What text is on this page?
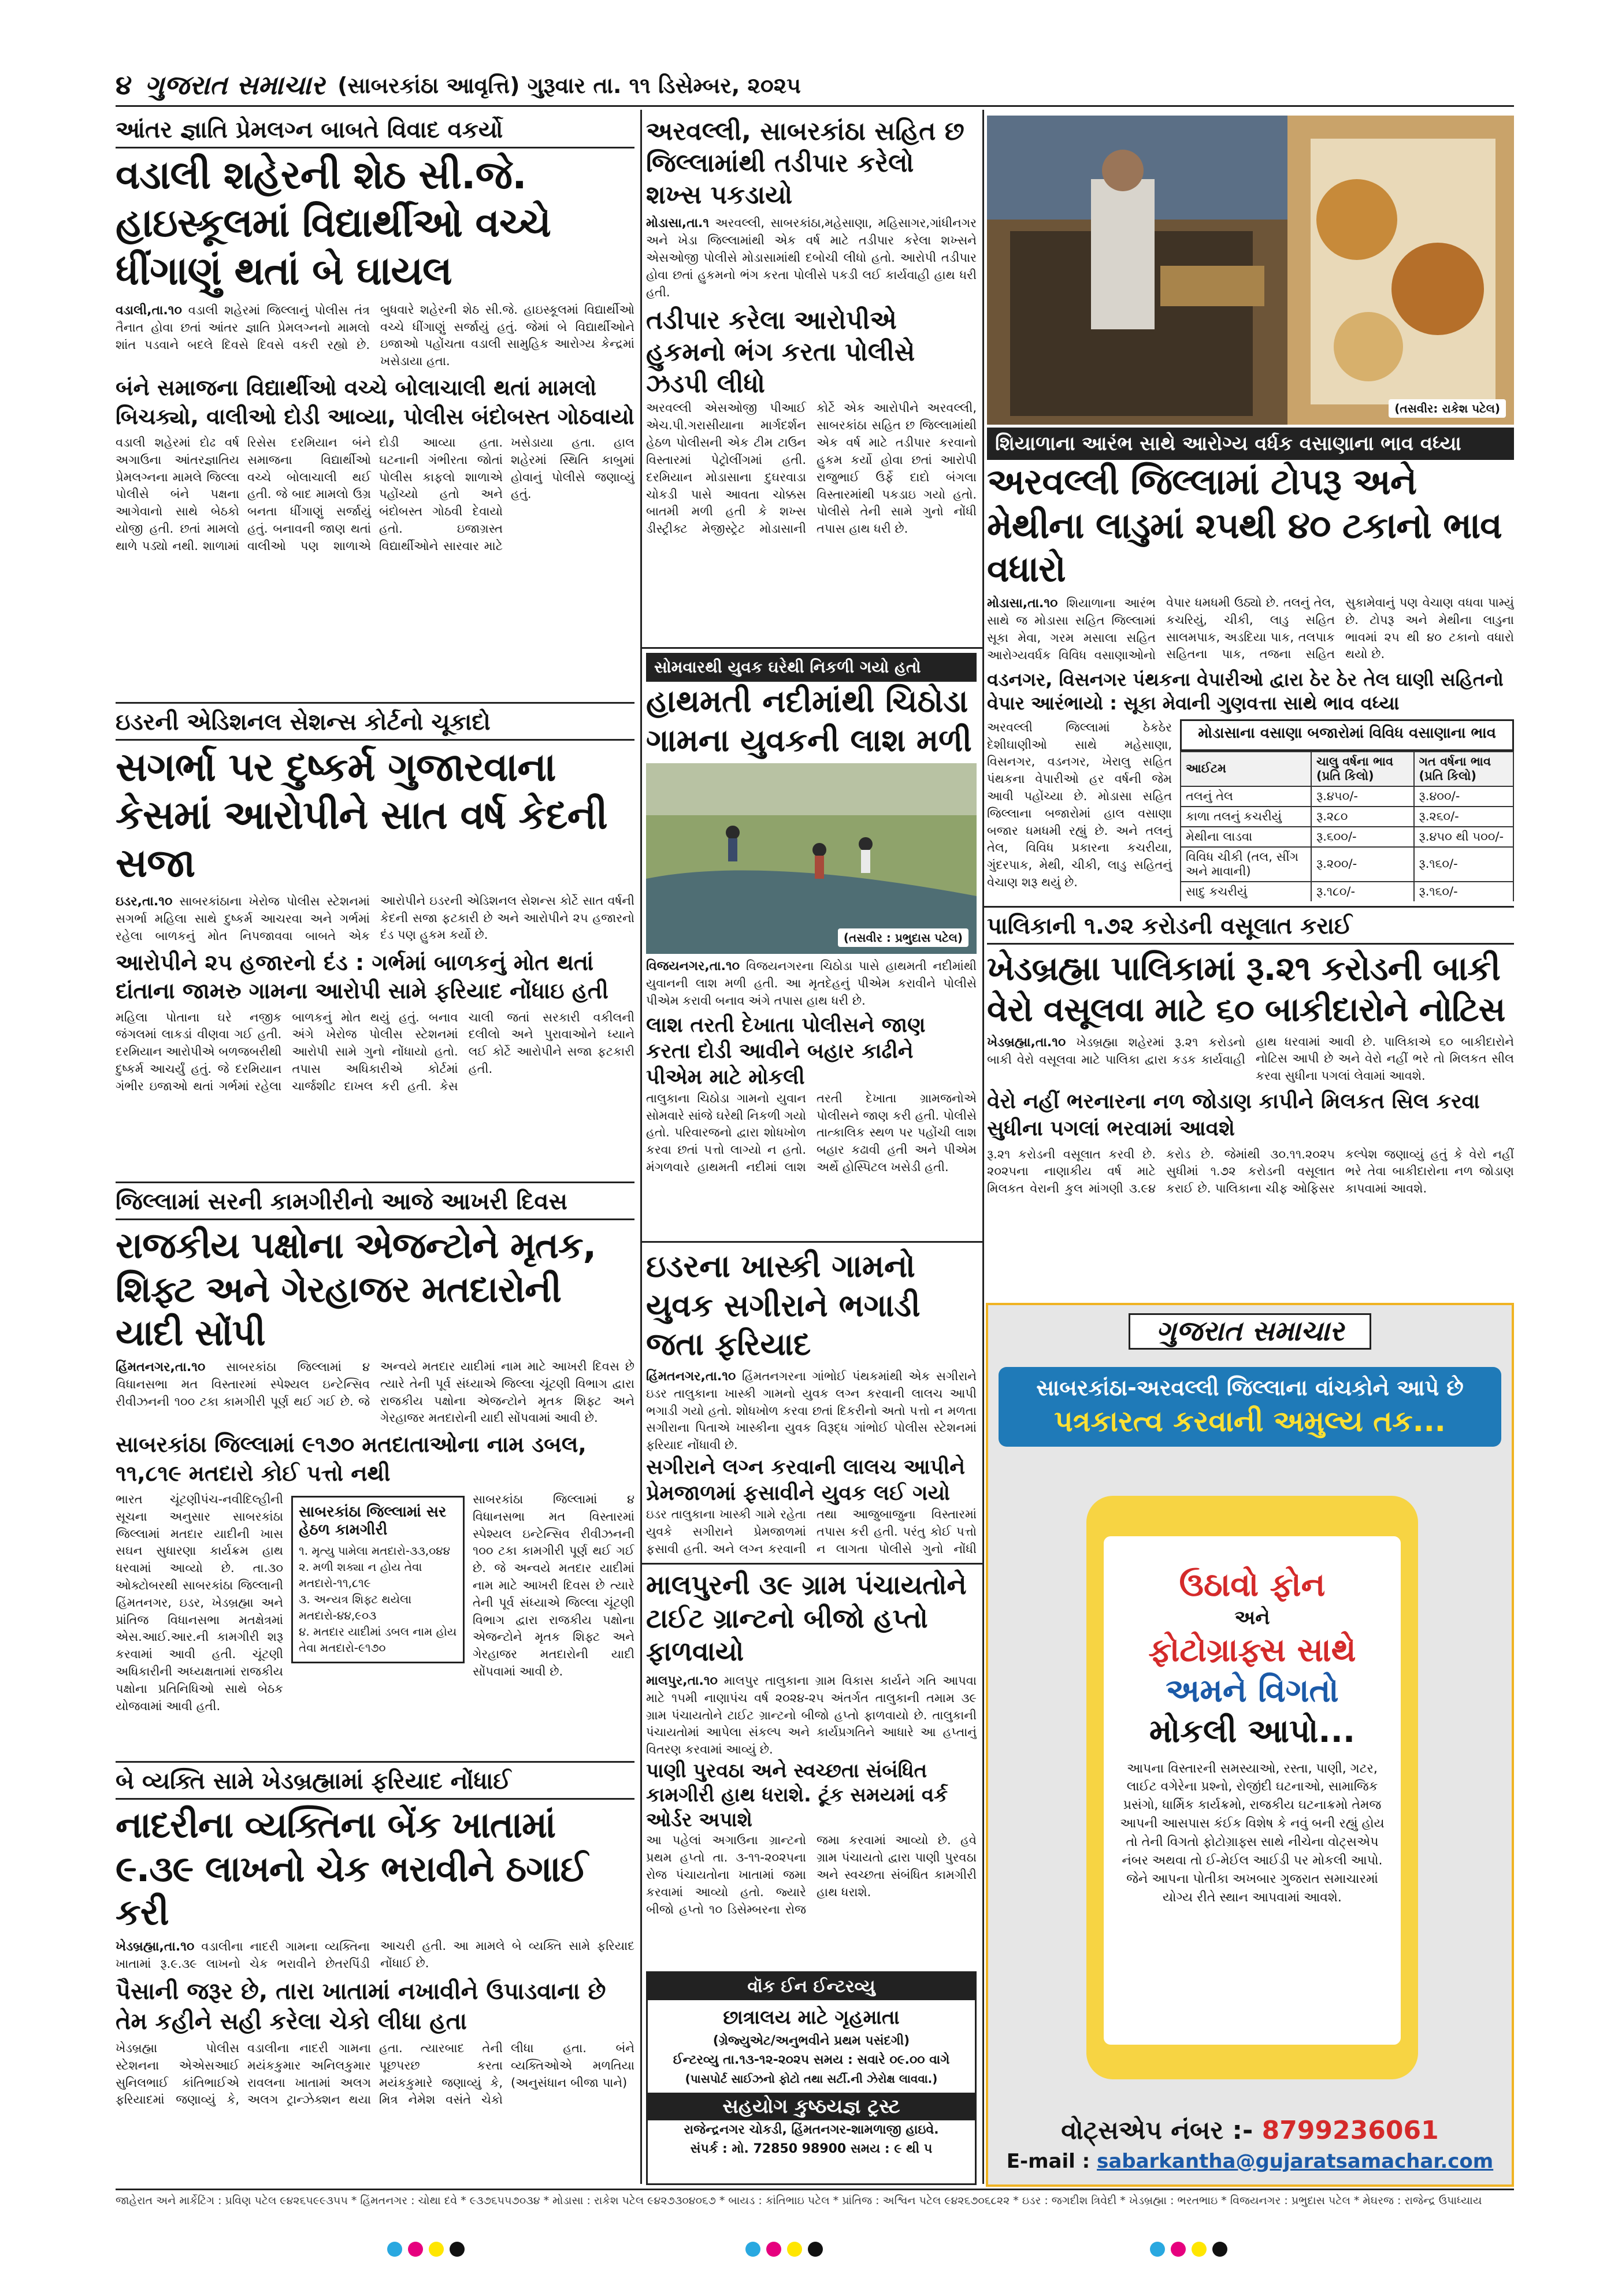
૪ ગુજરાત સમાચાર (સાબરકાંઠા આવૃત્તિ) ગુરૂવાર તા. ૧૧ ડિસેમ્બર, ૨૦૨૫
આંતર જ્ઞાતિ પ્રેમલગ્ન બાબતે વિવાદ વકર્યો
વડાલી શહેરની શેઠ સી.જે. હાઇસ્કૂલમાં વિદ્યાર્થીઓ વચ્ચે ધીંગાણું થતાં બે ઘાયલ
વડાલી,તા.૧૦ વડાલી શહેરમાં જિલ્લાનું પોલીસ તંત્ર તૈનાત હોવા છતાં આંતર જ્ઞાતિ પ્રેમલગ્નનો મામલો શાંત પડવાને બદલે દિવસે દિવસે વકરી રહ્યો છે. બુધવારે શહેરની શેઠ સી.જે. હાઇસ્કૂલમાં વિદ્યાર્થીઓ વચ્ચે ધીંગાણું સર્જાયું હતું. જેમાં બે વિદ્યાર્થીઓને ઇજાઓ પહોંચતા વડાલી સામુહિક આરોગ્ય કેન્દ્રમાં ખસેડાયા હતા.
બંને સમાજના વિદ્યાર્થીઓ વચ્ચે બોલાચાલી થતાં મામલો બિચક્યો, વાલીઓ દોડી આવ્યા, પોલીસ બંદોબસ્ત ગોઠવાયો
વડાલી શહેરમાં દોઢ વર્ષ અગાઉના આંતરજ્ઞાતિય પ્રેમલગ્નના મામલે જિલ્લા પોલીસે બંને પક્ષના આગેવાનો સાથે બેઠકો યોજી હતી. છતાં મામલો થાળે પડ્યો નથી. શાળામાં રિસેસ દરમિયાન બંને સમાજના વિદ્યાર્થીઓ વચ્ચે બોલાચાલી થઈ હતી. જે બાદ મામલો ઉગ્ર બનતા ધીંગાણું સર્જાયું હતું. બનાવની જાણ થતાં વાલીઓ પણ શાળાએ દોડી આવ્યા હતા. ઘટનાની ગંભીરતા જોતાં પોલીસ કાફલો શાળાએ પહોંચ્યો હતો અને બંદોબસ્ત ગોઠવી દેવાયો હતો. ઇજાગ્રસ્ત વિદ્યાર્થીઓને સારવાર માટે ખસેડાયા હતા. હાલ શહેરમાં સ્થિતિ કાબુમાં હોવાનું પોલીસે જણાવ્યું હતું.
અરવલ્લી, સાબરકાંઠા સહિત છ જિલ્લામાંથી તડીપાર કરેલો શખ્સ પકડાયો
મોડાસા,તા.૧ અરવલ્લી, સાબરકાંઠા,મહેસાણા, મહિસાગર,ગાંધીનગર અને ખેડા જિલ્લામાંથી એક વર્ષ માટે તડીપાર કરેલા શખ્સને એસઓજી પોલીસે મોડાસામાંથી દબોચી લીધો હતો. આરોપી તડીપાર હોવા છતાં હુકમનો ભંગ કરતા પોલીસે પકડી લઈ કાર્યવાહી હાથ ધરી હતી.
તડીપાર કરેલા આરોપીએ હુકમનો ભંગ કરતા પોલીસે ઝડપી લીધો
અરવલ્લી એસઓજી પીઆઈ એચ.પી.ગરાસીયાના માર્ગદર્શન હેઠળ પોલીસની એક ટીમ ટાઉન વિસ્તારમાં પેટ્રોલીંગમાં હતી. દરમિયાન મોડાસાના દુઘરવાડા ચોકડી પાસે આવતા ચોક્કસ બાતમી મળી હતી કે શખ્સ ડીસ્ટ્રીક્ટ મેજીસ્ટ્રેટ મોડાસાની કોર્ટે એક આરોપીને અરવલ્લી, સાબરકાંઠા સહિત છ જિલ્લામાંથી એક વર્ષ માટે તડીપાર કરવાનો હુકમ કર્યો હોવા છતાં આરોપી રાજુભાઈ ઉર્ફે દાદો બંગલા વિસ્તારમાંથી પકડાઇ ગયો હતો. પોલીસે તેની સામે ગુનો નોંધી તપાસ હાથ ધરી છે.
(તસવીર: રાકેશ પટેલ)
શિયાળાના આરંભ સાથે આરોગ્ય વર્ધક વસાણાના ભાવ વધ્યા
અરવલ્લી જિલ્લામાં ટોપરૂ અને મેથીના લાડુમાં ૨૫થી ૪૦ ટકાનો ભાવ વધારો
મોડાસા,તા.૧૦ શિયાળાના આરંભ સાથે જ મોડાસા સહિત જિલ્લામાં સૂકા મેવા, ગરમ મસાલા સહિત આરોગ્યવર્ધક વિવિધ વસાણાઓનો વેપાર ધમધમી ઉઠ્યો છે. તલનું તેલ, કચરિયું, ચીકી, લાડુ સહિત સાલમપાક, અડદિયા પાક, તલપાક સહિતના પાક, તજના સહિત સુકામેવાનું પણ વેચાણ વધવા પામ્યું છે. ટોપરૂ અને મેથીના લાડુના ભાવમાં ૨૫ થી ૪૦ ટકાનો વધારો થયો છે.
વડનગર, વિસનગર પંથકના વેપારીઓ દ્વારા ઠેર ઠેર તેલ ઘાણી સહિતનો વેપાર આરંભાયો : સૂકા મેવાની ગુણવત્તા સાથે ભાવ વધ્યા
અરવલ્લી જિલ્લામાં ઠેકઠેર દેશીઘાણીઓ સાથે મહેસાણા, વિસનગર, વડનગર, ખેરાલુ સહિત પંથકના વેપારીઓ હર વર્ષની જેમ આવી પહોંચ્યા છે. મોડાસા સહિત જિલ્લાના બજારોમાં હાલ વસાણા બજાર ધમધમી રહ્યું છે. અને તલનું તેલ, વિવિધ પ્રકારના કચરીયા, ગુંદરપાક, મેથી, ચીકી, લાડુ સહિતનું વેચાણ શરૂ થયું છે.
મોડાસાના વસાણા બજારોમાં વિવિધ વસાણાના ભાવ
આઈટમ	ચાલુ વર્ષના ભાવ (પ્રતિ કિલો)	ગત વર્ષના ભાવ (પ્રતિ કિલો)
તલનું તેલ	રૂ.૪૫૦/-	રૂ.૪૦૦/-
કાળા તલનું કચરીયું	રૂ.૨૮૦	રૂ.૨૬૦/-
મેથીના લાડવા	રૂ.૬૦૦/-	રૂ.૪૫૦ થી ૫૦૦/-
વિવિધ ચીકી (તલ, સીંગ અને માવાની)	રૂ.૨૦૦/-	રૂ.૧૬૦/-
સાદુ કચરીયું	રૂ.૧૮૦/-	રૂ.૧૬૦/-

ઇડરની એડિશનલ સેશન્સ કોર્ટનો ચૂકાદો
સગર્ભા પર દુષ્કર્મ ગુજારવાના કેસમાં આરોપીને સાત વર્ષ કેદની સજા
ઇડર,તા.૧૦ સાબરકાંઠાના ખેરોજ પોલીસ સ્ટેશનમાં સગર્ભા મહિલા સાથે દુષ્કર્મ આચરવા અને ગર્ભમાં રહેલા બાળકનું મોત નિપજાવવા બાબતે એક આરોપીને ઇડરની એડિશનલ સેશન્સ કોર્ટે સાત વર્ષની કેદની સજા ફટકારી છે અને આરોપીને ૨૫ હજારનો દંડ પણ હુકમ કર્યો છે.
આરોપીને ૨૫ હજારનો દંડ : ગર્ભમાં બાળકનું મોત થતાં દાંતાના જામરુ ગામના આરોપી સામે ફરિયાદ નોંધાઇ હતી
મહિલા પોતાના ઘરે નજીક જંગલમાં લાકડાં વીણવા ગઈ હતી. દરમિયાન આરોપીએ બળજબરીથી દુષ્કર્મ આચર્યું હતું. જે દરમિયાન ગંભીર ઇજાઓ થતાં ગર્ભમાં રહેલા બાળકનું મોત થયું હતું. બનાવ અંગે ખેરોજ પોલીસ સ્ટેશનમાં આરોપી સામે ગુનો નોંધાયો હતો. તપાસ અધિકારીએ કોર્ટમાં ચાર્જશીટ દાખલ કરી હતી. કેસ ચાલી જતાં સરકારી વકીલની દલીલો અને પુરાવાઓને ધ્યાને લઈ કોર્ટે આરોપીને સજા ફટકારી હતી.
સોમવારથી યુવક ઘરેથી નિકળી ગયો હતો
હાથમતી નદીમાંથી ચિઠોડા ગામના યુવકની લાશ મળી
(તસવીર : પ્રભુદાસ પટેલ)
વિજયનગર,તા.૧૦ વિજયનગરના ચિઠોડા પાસે હાથમતી નદીમાંથી યુવાનની લાશ મળી હતી. આ મૃતદેહનું પીએમ કરાવીને પોલીસે પીએમ કરાવી બનાવ અંગે તપાસ હાથ ધરી છે.
લાશ તરતી દેખાતા પોલીસને જાણ કરતા દોડી આવીને બહાર કાઢીને પીએમ માટે મોકલી
તાલુકાના ચિઠોડા ગામનો યુવાન સોમવારે સાંજે ઘરેથી નિકળી ગયો હતો. પરિવારજનો દ્વારા શોધખોળ કરવા છતાં પત્તો લાગ્યો ન હતો. મંગળવારે હાથમતી નદીમાં લાશ તરતી દેખાતા ગ્રામજનોએ પોલીસને જાણ કરી હતી. પોલીસે તાત્કાલિક સ્થળ પર પહોંચી લાશ બહાર કઢાવી હતી અને પીએમ અર્થે હોસ્પિટલ ખસેડી હતી.
પાલિકાની ૧.૭૨ કરોડની વસૂલાત કરાઈ
ખેડબ્રહ્મા પાલિકામાં રૂ.૨૧ કરોડની બાકી વેરો વસૂલવા માટે ૬૦ બાકીદારોને નોટિસ
ખેડબ્રહ્મા,તા.૧૦ ખેડબ્રહ્મા શહેરમાં રૂ.૨૧ કરોડનો બાકી વેરો વસૂલવા માટે પાલિકા દ્વારા કડક કાર્યવાહી હાથ ધરવામાં આવી છે. પાલિકાએ ૬૦ બાકીદારોને નોટિસ આપી છે અને વેરો નહીં ભરે તો મિલકત સીલ કરવા સુધીના પગલાં લેવામાં આવશે.
વેરો નહીં ભરનારના નળ જોડાણ કાપીને મિલકત સિલ કરવા સુધીના પગલાં ભરવામાં આવશે
રૂ.૨૧ કરોડની વસૂલાત કરવી છે. ૨૦૨૫ના નાણાકીય વર્ષ માટે મિલકત વેરાની કુલ માંગણી ૩.૯૪ કરોડ છે. જેમાંથી ૩૦.૧૧.૨૦૨૫ સુધીમાં ૧.૭૨ કરોડની વસૂલાત કરાઈ છે. પાલિકાના ચીફ ઓફિસર કલ્પેશ જણાવ્યું હતું કે વેરો નહીં ભરે તેવા બાકીદારોના નળ જોડાણ કાપવામાં આવશે.
જિલ્લામાં સરની કામગીરીનો આજે આખરી દિવસ
રાજકીય પક્ષોના એજન્ટોને મૃતક, શિફ્ટ અને ગેરહાજર મતદારોની યાદી સોંપી
હિંમતનગર,તા.૧૦ સાબરકાંઠા જિલ્લામાં ૪ વિધાનસભા મત વિસ્તારમાં સ્પેશ્યલ ઇન્ટેન્સિવ રીવીઝનની ૧૦૦ ટકા કામગીરી પૂર્ણ થઈ ગઈ છે. જે અન્વયે મતદાર યાદીમાં નામ માટે આખરી દિવસ છે ત્યારે તેની પૂર્વ સંધ્યાએ જિલ્લા ચૂંટણી વિભાગ દ્વારા રાજકીય પક્ષોના એજન્ટોને મૃતક શિફ્ટ અને ગેરહાજર મતદારોની યાદી સોંપવામાં આવી છે.
સાબરકાંઠા જિલ્લામાં ૯૧૭૦ મતદાતાઓના નામ ડબલ, ૧૧,૮૧૯ મતદારો કોઈ પત્તો નથી
ભારત ચૂંટણીપંચ-નવીદિલ્હીની સૂચના અનુસાર સાબરકાંઠા જિલ્લામાં મતદાર યાદીની ખાસ સઘન સુધારણા કાર્યક્રમ હાથ ધરવામાં આવ્યો છે. તા.૩૦ ઓક્ટોબરથી સાબરકાંઠા જિલ્લાની હિંમતનગર, ઇડર, ખેડબ્રહ્મા અને પ્રાંતિજ વિધાનસભા મતક્ષેત્રમાં એસ.આઈ.આર.ની કામગીરી શરૂ કરવામાં આવી હતી. ચૂંટણી અધિકારીની અધ્યક્ષતામાં રાજકીય પક્ષોના પ્રતિનિધિઓ સાથે બેઠક યોજવામાં આવી હતી.
સાબરકાંઠા જિલ્લામાં સર હેઠળ કામગીરી
૧. મૃત્યુ પામેલા મતદારો-૩૩,૦૪૪
૨. મળી શક્યા ન હોય તેવા મતદારો-૧૧,૮૧૯
૩. અન્યત્ર શિફ્ટ થયેલા મતદારો-૪૪,૯૦૩
૪. મતદાર યાદીમાં ડબલ નામ હોય તેવા મતદારો-૯૧૭૦
સાબરકાંઠા જિલ્લામાં ૪ વિધાનસભા મત વિસ્તારમાં સ્પેશ્યલ ઇન્ટેન્સિવ રીવીઝનની ૧૦૦ ટકા કામગીરી પૂર્ણ થઈ ગઈ છે. જે અન્વયે મતદાર યાદીમાં નામ માટે આખરી દિવસ છે ત્યારે તેની પૂર્વ સંધ્યાએ જિલ્લા ચૂંટણી વિભાગ દ્વારા રાજકીય પક્ષોના એજન્ટોને મૃતક શિફ્ટ અને ગેરહાજર મતદારોની યાદી સોંપવામાં આવી છે.
ઇડરના ખાસ્કી ગામનો યુવક સગીરાને ભગાડી જતા ફરિયાદ
હિંમતનગર,તા.૧૦ હિંમતનગરના ગાંભોઈ પંથકમાંથી એક સગીરાને ઇડર તાલુકાના ખાસ્કી ગામનો યુવક લગ્ન કરવાની લાલચ આપી ભગાડી ગયો હતો. શોધખોળ કરવા છતાં દિકરીનો અતો પત્તો ન મળતા સગીરાના પિતાએ ખાસ્કીના યુવક વિરૂદ્ધ ગાંભોઈ પોલીસ સ્ટેશનમાં ફરિયાદ નોંધાવી છે.
સગીરાને લગ્ન કરવાની લાલચ આપીને પ્રેમજાળમાં ફસાવીને યુવક લઈ ગયો
ઇડર તાલુકાના ખાસ્કી ગામે રહેતા યુવકે સગીરાને પ્રેમજાળમાં ફસાવી હતી. અને લગ્ન કરવાની તથા આજુબાજુના વિસ્તારમાં તપાસ કરી હતી. પરંતુ કોઈ પત્તો ન લાગતા પોલીસે ગુનો નોંધી
માલપુરની ૩૯ ગ્રામ પંચાયતોને ટાઈટ ગ્રાન્ટનો બીજો હપ્તો ફાળવાયો
માલપુર,તા.૧૦ માલપુર તાલુકાના ગ્રામ વિકાસ કાર્યને ગતિ આપવા માટે ૧૫મી નાણાપંચ વર્ષ ૨૦૨૪-૨૫ અંતર્ગત તાલુકાની તમામ ૩૯ ગ્રામ પંચાયતોને ટાઈટ ગ્રાન્ટનો બીજો હપ્તો ફાળવાયો છે. તાલુકાની પંચાયતોમાં આપેલા સંકલ્પ અને કાર્યપ્રગતિને આધારે આ હપ્તાનું વિતરણ કરવામાં આવ્યું છે.
પાણી પુરવઠા અને સ્વચ્છતા સંબંધિત કામગીરી હાથ ધરાશે. ટૂંક સમયમાં વર્ક ઓર્ડર અપાશે
આ પહેલાં અગાઉના ગ્રાન્ટનો પ્રથમ હપ્તો તા. ૩-૧૧-૨૦૨૫ના રોજ પંચાયતોના ખાતામાં જમા કરવામાં આવ્યો હતો. જ્યારે બીજો હપ્તો ૧૦ ડિસેમ્બરના રોજ જમા કરવામાં આવ્યો છે. હવે ગ્રામ પંચાયતો દ્વારા પાણી પુરવઠા અને સ્વચ્છતા સંબંધિત કામગીરી હાથ ધરાશે.
વૉક ઈન ઈન્ટરવ્યુ
છાત્રાલય માટે ગૃહમાતા
(ગ્રેજ્યુએટ/અનુભવીને પ્રથમ પસંદગી)
ઈન્ટરવ્યુ તા.૧૩-૧૨-૨૦૨૫ સમય : સવારે ૦૯.૦૦ વાગે
(પાસપોર્ટ સાઈઝનો ફોટો તથા સર્ટી.ની ઝેરોક્ષ લાવવા.)
સહયોગ કુષ્ઠયજ્ઞ ટ્રસ્ટ
રાજેન્દ્રનગર ચોકડી, હિંમતનગર-શામળાજી હાઇવે.
સંપર્ક : મો. 72850 98900 સમય : ૯ થી ૫
બે વ્યક્તિ સામે ખેડબ્રહ્મામાં ફરિયાદ નોંધાઈ
નાદરીના વ્યક્તિના બેંક ખાતામાં ૯.૩૯ લાખનો ચેક ભરાવીને ઠગાઈ કરી
ખેડબ્રહ્મા,તા.૧૦ વડાલીના નાદરી ગામના વ્યક્તિના ખાતામાં રૂ.૯.૩૯ લાખનો ચેક ભરાવીને છેતરપિંડી આચરી હતી. આ મામલે બે વ્યક્તિ સામે ફરિયાદ નોંધાઈ છે.
પૈસાની જરૂર છે, તારા ખાતામાં નખાવીને ઉપાડવાના છે તેમ કહીને સહી કરેલા ચેકો લીધા હતા
ખેડબ્રહ્મા પોલીસ સ્ટેશનના એએસઆઈ સુનિલભાઈ કાંતિભાઈએ ફરિયાદમાં જણાવ્યું કે, વડાલીના નાદરી ગામના મયંકકુમાર અનિલકુમાર રાવલના ખાતામાં અલગ અલગ ટ્રાન્ઝેક્શન થયા હતા. ત્યારબાદ તેની પૂછપરછ કરતા મયંકકુમારે જણાવ્યું કે, મિત્ર નેમેશ વસંતે ચેકો લીધા હતા. બંને વ્યક્તિઓએ મળતિયા (અનુસંધાન બીજા પાને)
ગુજરાત સમાચાર
સાબરકાંઠા-અરવલ્લી જિલ્લાના વાંચકોને આપે છે
પત્રકારત્વ કરવાની અમુલ્ય તક...
ઉઠાવો ફોન
અને
ફોટોગ્રાફ્સ સાથે
અમને વિગતો
મોકલી આપો...
આપના વિસ્તારની સમસ્યાઓ, રસ્તા, પાણી, ગટર, લાઈટ વગેરેના પ્રશ્નો, રોજીંદી ઘટનાઓ, સામાજિક પ્રસંગો, ધાર્મિક કાર્યક્રમો, રાજકીય ઘટનાક્રમો તેમજ આપની આસપાસ કંઈક વિશેષ કે નવું બની રહ્યું હોય તો તેની વિગતો ફોટોગ્રાફ્સ સાથે નીચેના વોટ્સએપ નંબર અથવા તો ઈ-મેઈલ આઈડી પર મોકલી આપો. જેને આપના પોતીકા અખબાર ગુજરાત સમાચારમાં યોગ્ય રીતે સ્થાન આપવામાં આવશે.
વોટ્સએપ નંબર :- 8799236061
E-mail : sabarkantha@gujaratsamachar.com
જાહેરાત અને માર્કેટિંગ : પ્રવિણ પટેલ ૯૪૨૬૫૯૯૩૫૫ * હિંમતનગર : ચોથા દવે * ૯૩૭૬૫૫૭૦૩૪ * મોડાસા : રાકેશ પટેલ ૯૪૨૭૩૦૪૦૬૭ * બાયડ : કાંતિભાઇ પટેલ * પ્રાંતિજ : અશ્વિન પટેલ ૯૪૨૬૭૦૬૮૨૨ * ઇડર : જગદીશ ત્રિવેદી * ખેડબ્રહ્મા : ભરતભાઇ * વિજયનગર : પ્રભુદાસ પટેલ * મેઘરજ : રાજેન્દ્ર ઉપાધ્યાય
